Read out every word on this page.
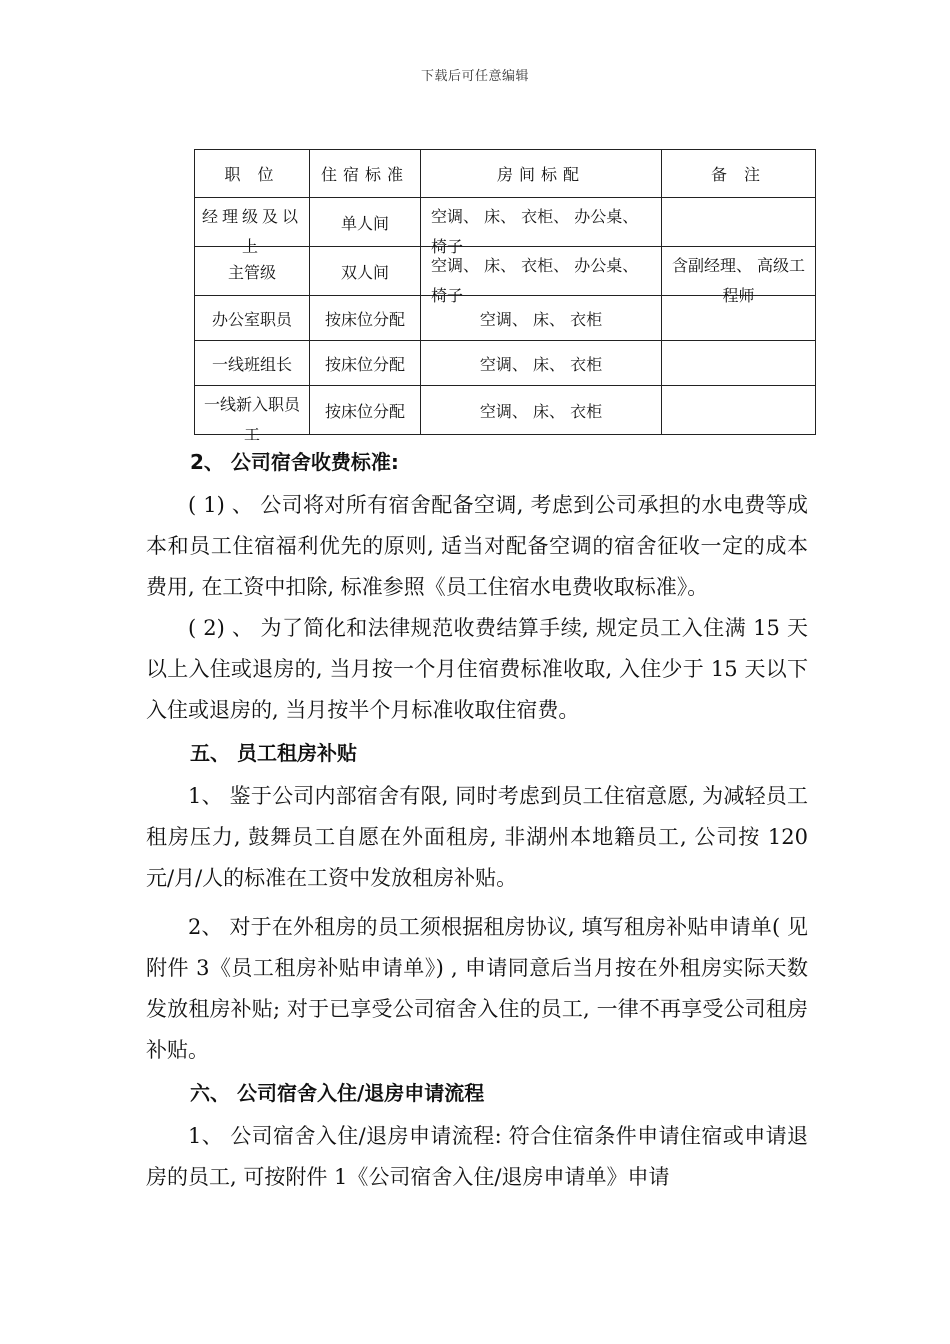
下载后可任意编辑
职 位	住宿标准	房间标配	备 注

经理级及以上	单人间	空调、 床、 衣柜、 办公桌、 椅子	

主管级	双人间	空调、 床、 衣柜、 办公桌、 椅子	含副经理、 高级工程师

办公室职员	按床位分配	空调、 床、 衣柜	
一线班组长	按床位分配	空调、 床、 衣柜	

一线新入职员工	按床位分配	空调、 床、 衣柜	

2、 公司宿舍收费标准:

( 1) 、 公司将对所有宿舍配备空调, 考虑到公司承担的水电费等成本和员工住宿福利优先的原则, 适当对配备空调的宿舍征收一定的成本费用, 在工资中扣除, 标准参照《员工住宿水电费收取标准》。

( 2) 、 为了简化和法律规范收费结算手续, 规定员工入住满 15 天以上入住或退房的, 当月按一个月住宿费标准收取, 入住少于 15 天以下入住或退房的, 当月按半个月标准收取住宿费。

五、 员工租房补贴

1、 鉴于公司内部宿舍有限, 同时考虑到员工住宿意愿, 为减轻员工租房压力, 鼓舞员工自愿在外面租房, 非湖州本地籍员工, 公司按 120 元/月/人的标准在工资中发放租房补贴。

2、 对于在外租房的员工须根据租房协议, 填写租房补贴申请单( 见附件 3《员工租房补贴申请单》) , 申请同意后当月按在外租房实际天数发放租房补贴; 对于已享受公司宿舍入住的员工, 一律不再享受公司租房补贴。

六、 公司宿舍入住/退房申请流程

1、 公司宿舍入住/退房申请流程: 符合住宿条件申请住宿或申请退房的员工, 可按附件 1《公司宿舍入住/退房申请单》申请
